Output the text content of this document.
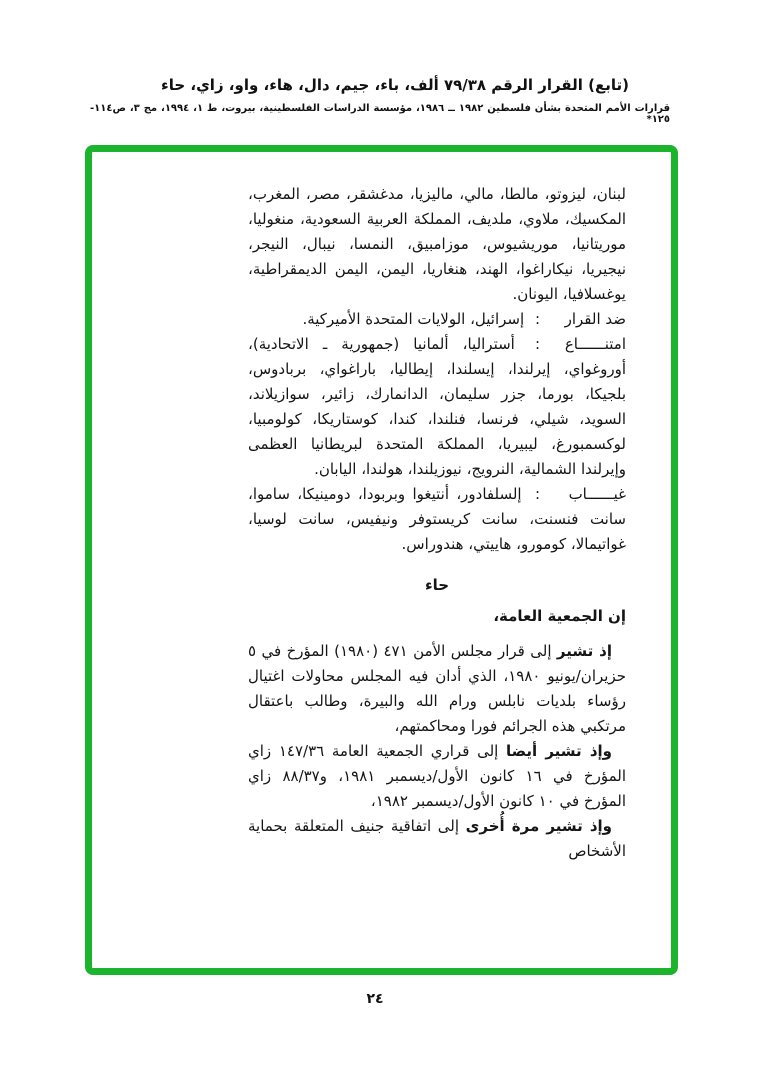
(تابع) القرار الرقم ٧٩/٣٨ ألف، باء، جيم، دال، هاء، واو، زاي، حاء
قرارات الأمم المتحدة بشأن فلسطين ١٩٨٢ ــ ١٩٨٦، مؤسسة الدراسات الفلسطينية، بيروت، ط ١، ١٩٩٤، مج ٣، ص١١٤- ١٢٥*

لبنان، ليزوتو، مالطا، مالي، ماليزيا، مدغشقر، مصر، المغرب، المكسيك، ملاوي، ملديف، المملكة العربية السعودية، منغوليا، موريتانيا، موريشيوس، موزامبيق، النمسا، نيبال، النيجر، نيجيريا، نيكاراغوا، الهند، هنغاريا، اليمن، اليمن الديمقراطية، يوغسلافيا، اليونان.

ضد القرار: إسرائيل، الولايات المتحدة الأميركية.

امتنــــــاع: أستراليا، ألمانيا (جمهورية ـ الاتحادية)، أوروغواي، إيرلندا، إيسلندا، إيطاليا، باراغواي، بربادوس، بلجيكا، بورما، جزر سليمان، الدانمارك، زائير، سوازيلاند، السويد، شيلي، فرنسا، فنلندا، كندا، كوستاريكا، كولومبيا، لوكسمبورغ، ليبيريا، المملكة المتحدة لبريطانيا العظمى وإيرلندا الشمالية، النرويج، نيوزيلندا، هولندا، اليابان.

غيــــــاب: إلسلفادور، أنتيغوا وبربودا، دومينيكا، ساموا، سانت فنسنت، سانت كريستوفر ونيفيس، سانت لوسيا، غواتيمالا، كومورو، هاييتي، هندوراس.

حاء

إن الجمعية العامة،

إذ تشير إلى قرار مجلس الأمن ٤٧١ (١٩٨٠) المؤرخ في ٥ حزيران/يونيو ١٩٨٠، الذي أدان فيه المجلس محاولات اغتيال رؤساء بلديات نابلس ورام الله والبيرة، وطالب باعتقال مرتكبي هذه الجرائم فورا ومحاكمتهم،

وإذ تشير أيضا إلى قراري الجمعية العامة ١٤٧/٣٦ زاي المؤرخ في ١٦ كانون الأول/ديسمبر ١٩٨١، و٨٨/٣٧ زاي المؤرخ في ١٠ كانون الأول/ديسمبر ١٩٨٢،

وإذ تشير مرة أُخرى إلى اتفاقية جنيف المتعلقة بحماية الأشخاص

٢٤
